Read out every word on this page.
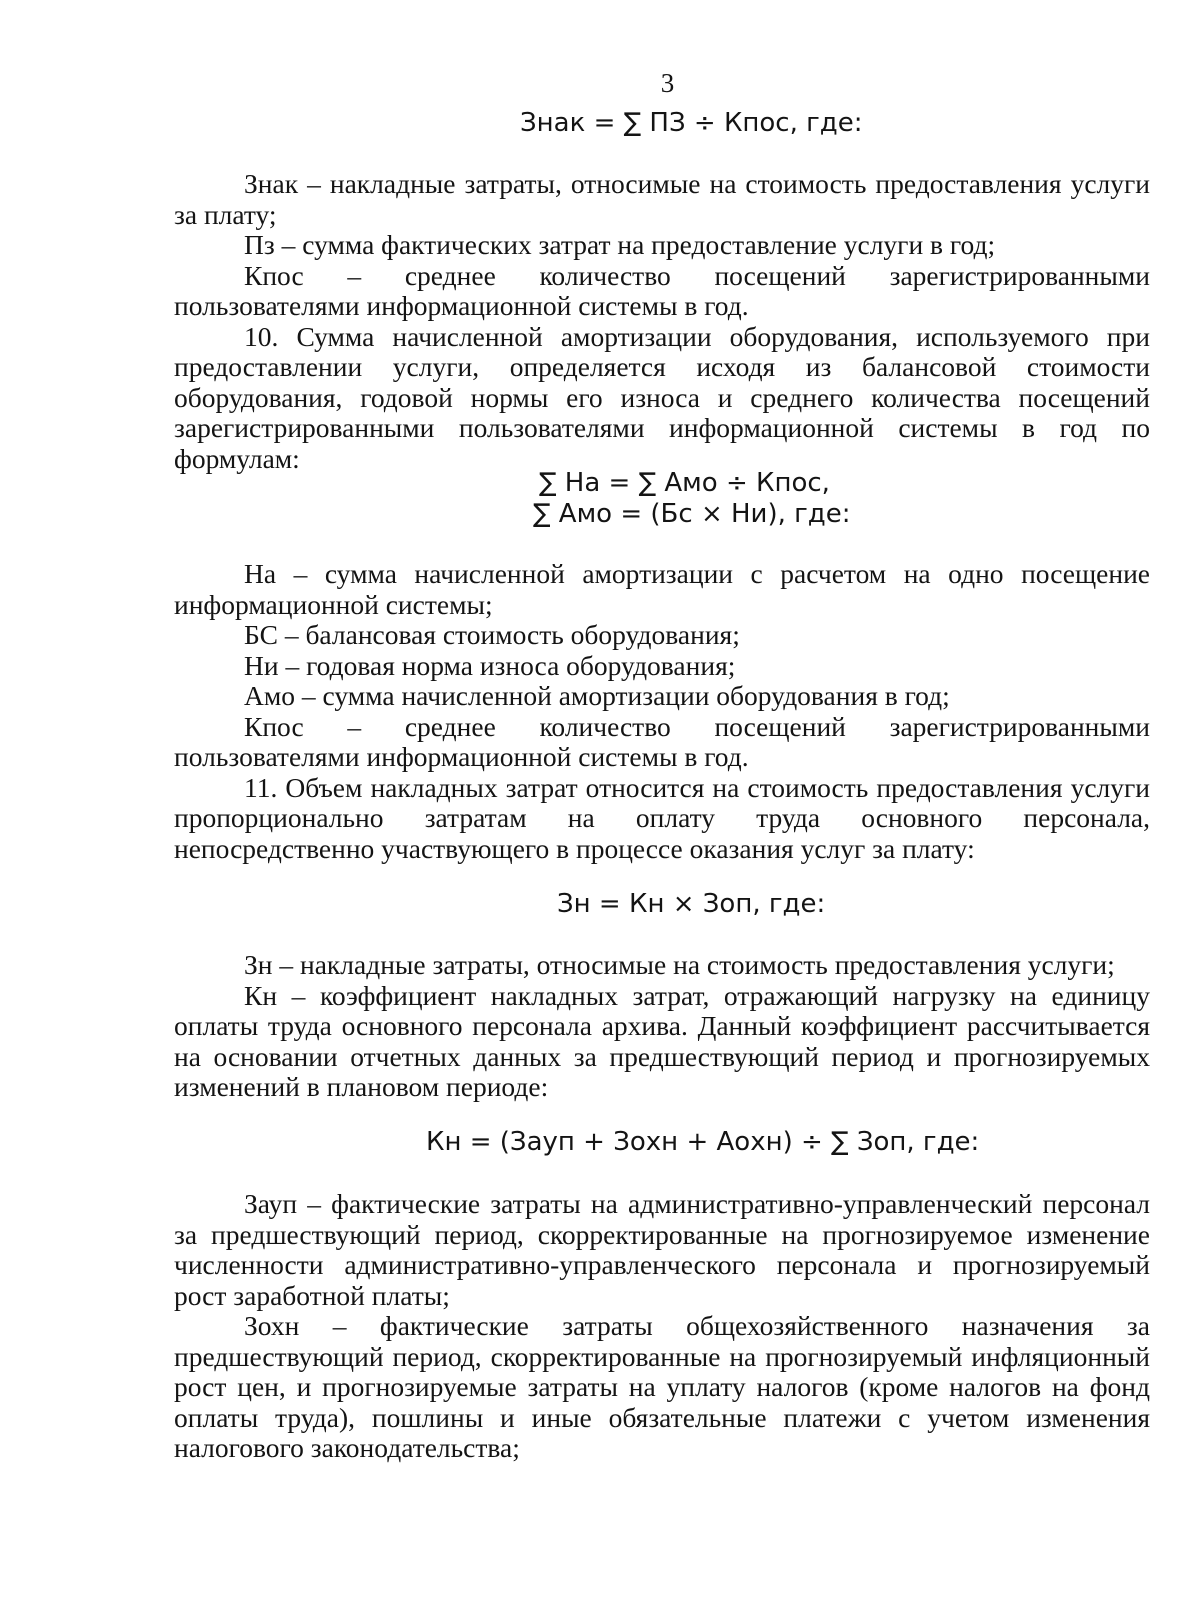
3
Знак = ∑ ПЗ ÷ Кпос, где:

Знак – накладные затраты, относимые на стоимость предоставления услуги за плату;

Пз – сумма фактических затрат на предоставление услуги в год;

Кпос – среднее количество посещений зарегистрированными

пользователями информационной системы в год.

10. Сумма начисленной амортизации оборудования, используемого при предоставлении услуги, определяется исходя из балансовой стоимости оборудования, годовой нормы его износа и среднего количества посещений зарегистрированными пользователями информационной системы в год по формулам:

∑ На = ∑ Амо ÷ Кпос,
∑ Амо = (Бс × Ни), где:

На – сумма начисленной амортизации с расчетом на одно посещение информационной системы;

БС – балансовая стоимость оборудования;

Ни – годовая норма износа оборудования;

Амо – сумма начисленной амортизации оборудования в год;

Кпос – среднее количество посещений зарегистрированными

пользователями информационной системы в год.

11. Объем накладных затрат относится на стоимость предоставления услуги пропорционально затратам на оплату труда основного персонала, непосредственно участвующего в процессе оказания услуг за плату:

Зн = Кн × Зоп, где:

Зн – накладные затраты, относимые на стоимость предоставления услуги;

Кн – коэффициент накладных затрат, отражающий нагрузку на единицу оплаты труда основного персонала архива. Данный коэффициент рассчитывается на основании отчетных данных за предшествующий период и прогнозируемых изменений в плановом периоде:

Кн = (Зауп + Зохн + Аохн) ÷ ∑ Зоп, где:

Зауп – фактические затраты на административно-управленческий персонал за предшествующий период, скорректированные на прогнозируемое изменение численности административно-управленческого персонала и прогнозируемый рост заработной платы;

Зохн – фактические затраты общехозяйственного назначения за предшествующий период, скорректированные на прогнозируемый инфляционный рост цен, и прогнозируемые затраты на уплату налогов (кроме налогов на фонд оплаты труда), пошлины и иные обязательные платежи с учетом изменения налогового законодательства;
